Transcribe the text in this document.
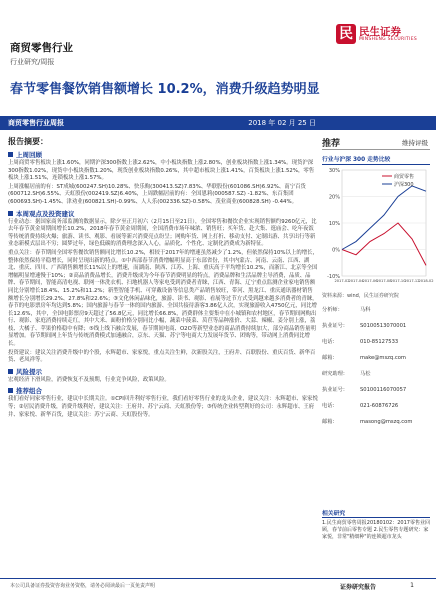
商贸零售行业
行业研究/周报
民 民生证券
MINSHENG SECURITIES
春节零售餐饮销售额增长 10.2%，消费升级趋势明显
商贸零售行业周报	2018 年 02 月 25 日
报告摘要：
上周回顾

上周商贸零售板块上涨1.60%，同期沪深300指数上涨2.62%，中小板块指数上涨2.80%，创业板块指数上涨1.34%。现货沪深300指数1.02%，现货中小板块指数1.20%，现货创业板块指数0.26%，其中超市板块上涨1.41%，百货板块上涨1.52%，零售板块上涨1.51%，连锁板块上涨1.57%。

上周涨幅居前的有：ST成城(600247.SH)10.28%、快乐购(300413.SZ)7.83%、华联股份(601086.SH)6.92%、南宁百货(600712.SH)6.55%、天虹股份(002419.SZ)6.40%，上周跌幅居前的有：全国恩莉(000587.SZ) -1.82%、东百集团(600693.SH)-1.45%、津劝业(600821.SH)-0.99%、人人乐(002336.SZ)-0.58%、茂业商业(600828.SH) -0.44%。

本周观点及投资建议

行业动态：据国家商务部监测的数据显示，除夕至正月初六（2月15日至21日），全国零售和餐饮企业实现销售额约9260亿元，比去年春节黄金周期间增长10.2%，2018年春节黄金周期间，全国消费市场年味浓、销售旺；买年货、赴大集、逛庙会、吃年夜饭等传统消费持续火爆；旅游、读书、观影、看展等新兴消费亮点纷呈；网购年货、网上打折、移动支付、定制出游、共享出行等新业态新模式层出不穷；圆梦过年，绿色低碳的消费理念深入人心，品质化、个性化、定制化消费成为新特征。

重点关注：春节期间全国零售餐饮销售额同比增长10.2%，相较于2017年的增速虽然减少了1.2%，但依然保持10%以上的增长，整体依然保持平稳增长，同时呈现出新的特点。①中西部春节消费增幅明显高于东部省份，其中内蒙古、河南、云南、江西、湖北、重庆、四川、广西销售额增长11%以上的增速，而湖南、陕西、江苏、上海、重庆高于平均增长10.2%，而浙江、北京等全国增幅明显增速慢于10%；②高品消费品增长，消费升级成为今年春节消费明显的特点，消费品牌和生活品牌主导消费，品质、品牌、春节期间，智能高清电视、联网一体洗衣机、扫地机器人等家电受到消费者青睐，江西、青海、辽宁重点监测企业家电销售额同比分别增长18.4%、15.2%和11.2%；新型智能手机、可穿戴设备等信息类产品销售较旺，带河、黑龙江、重庆通讯器材销售额增长分别增长29.2%、27.8%和22.6%；③文化休闲品味化，旅游、读书、观影、看展等过节方式受到越来越多消费者的青睐，春节的电影票房年均达到5.8%；国内旅游与春节一体的国内旅游、全国共接待游客3.86亿人次，实现旅游收入4750亿元，同比增长12.6%，其中，全国电影票房9天超过了56.8亿元，同比增长66.8%，消费群体主要集中在小城镇和农村地区，春节期间网购出行、观影、家庭消费持续走红，其中大米、面粉价格分别同比小幅，蔬菜中菠菜、莴苣等品种涨价、大蒜、辣椒、姜分别上涨，荔枝、大橘子、苹果价格稳中有降；⑤线上线下融合发展，春节期间电商、O2O等新型业态的商品消费持续加大，部分商品销售量明显增加。春节期间网上年货与传统消费模式加速融合，京东、天猫、苏宁等电商大力发展年货节、团购等，带动网上消费同比增长。

投资建议：建议关注消费升级中的个股，永辉超市、家家悦，重点关注生鲜，次新股关注，王府井、百联股份、重庆百货、新华百货、老凤祥等。

风险提示

宏观经济下滑风险，消费恢复不及预期，行业竞争风险，政策风险。

推荐组合

我们看好同家零售行业，建议中长期关注。①CPI回升利好零售行业，我们看好零售行业的龙头企业，建议关注：永辉超市、家家悦等；②居民消费升级，消费升级利好，建议关注：王府井、苏宁云商、天虹股份等；③传统企业转型利好的公司：永辉超市、王府井、家家悦、新华百货，建议关注：苏宁云商、天虹股份等。

推荐	维持评级
行业与沪深 300 走势比较
30%
20%
10%
0%
-10%
2017-02
2017-04
2017-06
2017-08
2017-10
2017-12
2018-02
商贸零售
沪深300
资料来源：wind，民生证券研究院
分析师：	马科
执业证号： S0100513070001
电话：	010-85127533
邮箱：	make@mszq.com
研究助理： 马松
执业证号： S0100116070057
电话：	021-60876726
邮箱：	masong@mszq.com
相关研究
1.民生商贸零售周报20180102：2017零售业回顾，春节前后零售专题 2.民生零售专题研究：家家悦，非常"精细种"的连锁超市龙头
本公司具备证券投资咨询业务资格，请务必阅读最后一页免责声明	证券研究报告	1
